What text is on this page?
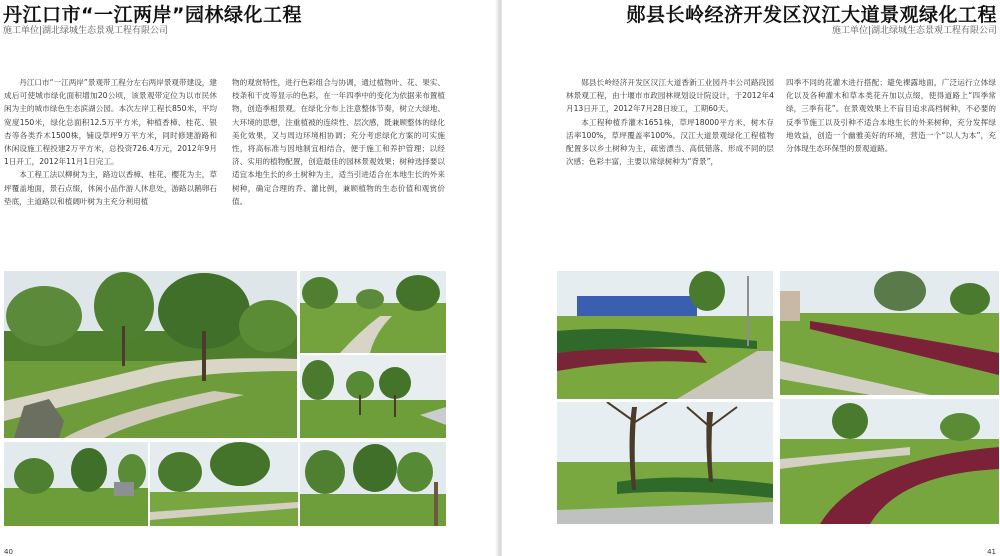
丹江口市“一江两岸”园林绿化工程
施工单位|湖北绿城生态景观工程有限公司

丹江口市“一江两岸”景观带工程分左右两岸景观带建设，建成后可使城市绿化面积增加20公顷，该景观带定位为以市民休闲为主的城市绿色生态滨湖公园。本次左岸工程长850米，平均宽度150米，绿化总面积12.5万平方米，种植香樟、桂花、银杏等各类乔木1500株，铺设草坪9万平方米，同时修建游路和休闲设施工程投建2万平方米，总投资726.4万元，2012年9月1日开工，2012年11月1日完工。

本工程工法以柳树为主，路边以香樟、桂花、樱花为主，草坪覆盖地面，景石点缀，休闲小品作游人休息处，游路以鹅卵石垫底，主道路以和植阔叶树为主充分利用植

物的观赏特性，进行色彩组合与协调，通过植物叶、花、果实、枝条和干皮等显示的色彩，在一年四季中的变化为依据来布置植物，创造季相景观。在绿化分布上注意整体节奏，树立大绿地、大环境的思想，注重植被的连续性、层次感，既兼顾整体的绿化美化效果，又与周边环境相协调；充分考虑绿化方案的可实施性，将高标准与因地制宜相结合，便于施工和养护管理；以经济、实用的植物配置，创造最佳的园林景观效果；树种选择要以适宜本地生长的乡土树种为主，适当引进适合在本地生长的外来树种，确定合理的乔、灌比例，兼顾植物的生态价值和观赏价值。

40
郧县长岭经济开发区汉江大道景观绿化工程
施工单位|湖北绿城生态景观工程有限公司

郧县长岭经济开发区汉江大道香新工业园丹丰公司路段园林景观工程，由十堰市市政园林规划设计院设计，于2012年4月13日开工，2012年7月28日竣工，工期60天。

本工程种植乔灌木1651株，草坪18000平方米，树木存活率100%，草坪覆盖率100%。汉江大道景观绿化工程植物配置多以乡土树种为主，疏密漂当、高低错落、形成不同的层次感；色彩丰富，主要以常绿树种为“背景”，

四季不同的花灌木进行搭配；避免裸露地面，广泛运行立体绿化以及各种灌木和草本类花卉加以点缀，使得道路上“四季常绿，三季有花”。在景观效果上不盲目追求高档树种，不必要的反季节施工以及引种不适合本地生长的外来树种，充分发挥绿地效益，创造一个幽雅美好的环境，营造一个“以人为本”，充分体现生态环保型的景观道路。

41
